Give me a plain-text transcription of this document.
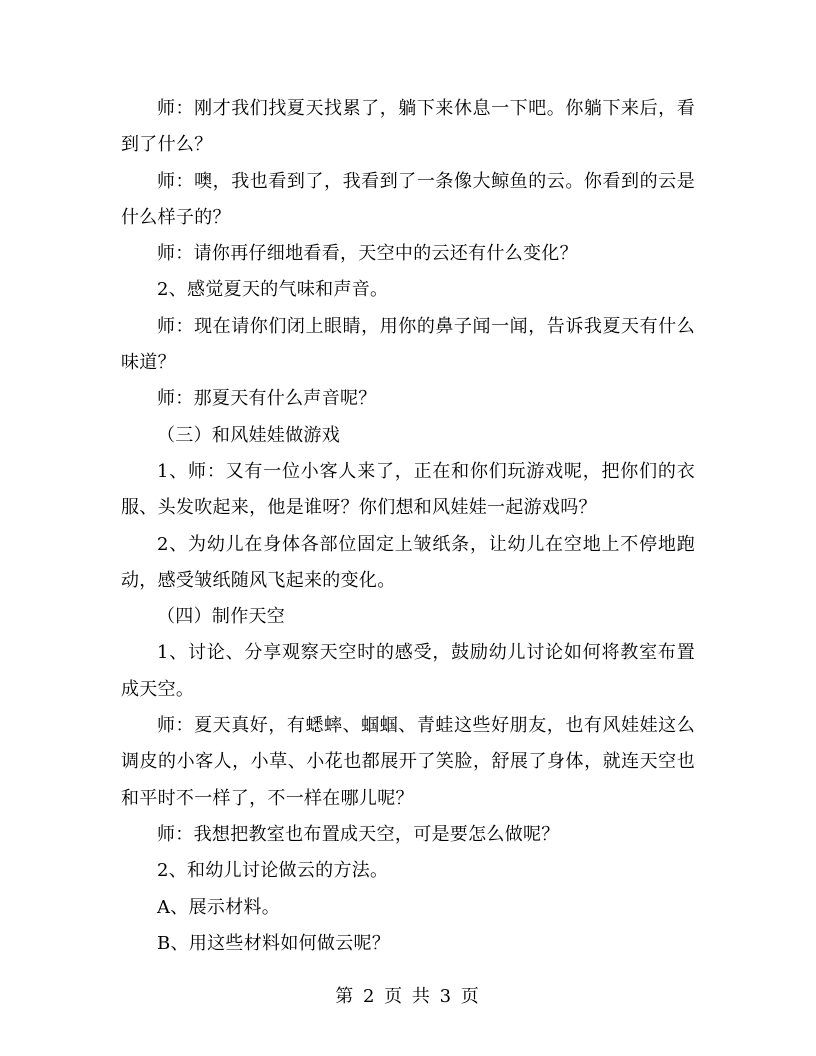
师：刚才我们找夏天找累了，躺下来休息一下吧。你躺下来后，看到了什么？

师：噢，我也看到了，我看到了一条像大鲸鱼的云。你看到的云是什么样子的？

师：请你再仔细地看看，天空中的云还有什么变化？

2、感觉夏天的气味和声音。

师：现在请你们闭上眼睛，用你的鼻子闻一闻，告诉我夏天有什么味道？

师：那夏天有什么声音呢？

（三）和风娃娃做游戏

1、师：又有一位小客人来了，正在和你们玩游戏呢，把你们的衣服、头发吹起来，他是谁呀？你们想和风娃娃一起游戏吗？

2、为幼儿在身体各部位固定上皱纸条，让幼儿在空地上不停地跑动，感受皱纸随风飞起来的变化。

（四）制作天空

1、讨论、分享观察天空时的感受，鼓励幼儿讨论如何将教室布置成天空。

师：夏天真好，有蟋蟀、蝈蝈、青蛙这些好朋友，也有风娃娃这么调皮的小客人，小草、小花也都展开了笑脸，舒展了身体，就连天空也和平时不一样了，不一样在哪儿呢？

师：我想把教室也布置成天空，可是要怎么做呢？

2、和幼儿讨论做云的方法。

A、展示材料。

B、用这些材料如何做云呢？

第 2 页 共 3 页
